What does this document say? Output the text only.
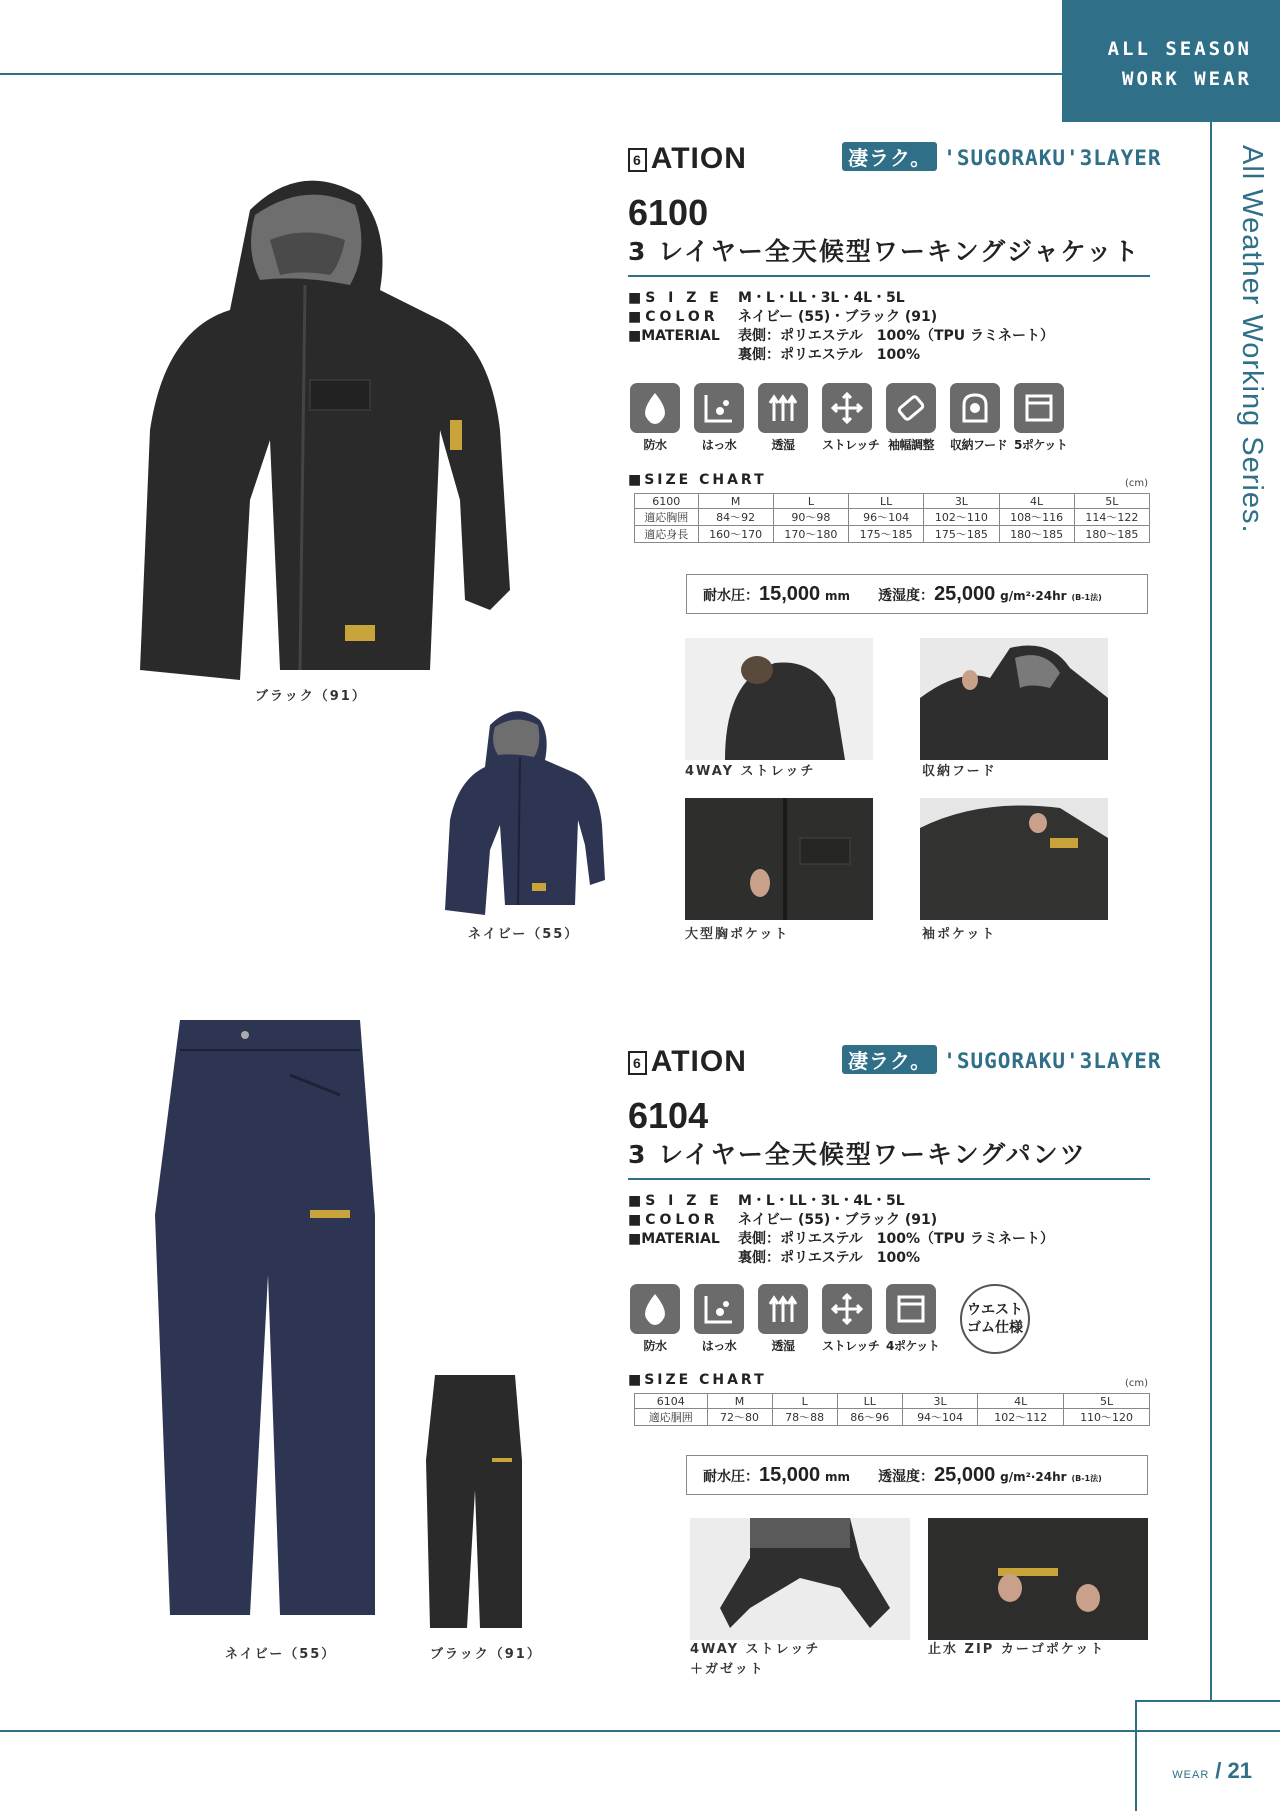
ALL SEASON
WORK WEAR
All Weather Working Series.
WEAR / 21
ブラック（91）
ネイビー（55）
6 ATION	凄ラク。 'SUGORAKU'3LAYER
6100
3 レイヤー全天候型ワーキングジャケット
■S I Z E	M・L・LL・3L・4L・5L
■COLOR	ネイビー (55)・ブラック (91)
■MATERIAL	表側：ポリエステル　100%（TPU ラミネート）
裏側：ポリエステル　100%
防水	はっ水	透湿	ストレッチ 袖幅調整 収納フード 5ポケット
■SIZE CHART	(cm)
6100	M	L	LL	3L	4L	5L
適応胸囲	84～92	90～98	96～104	102～110	108～116	114～122
適応身長	160～170	170～180	175～185	175～185	180～185	180～185
耐水圧：15,000 mm 透湿度：25,000 g/m²·24hr (B-1法)
4WAY ストレッチ	収納フード
大型胸ポケット	袖ポケット
ネイビー（55）	ブラック（91）
6 ATION	凄ラク。 'SUGORAKU'3LAYER
6104
3 レイヤー全天候型ワーキングパンツ
■S I Z E	M・L・LL・3L・4L・5L
■COLOR	ネイビー (55)・ブラック (91)
■MATERIAL	表側：ポリエステル　100%（TPU ラミネート）
裏側：ポリエステル　100%
防水	はっ水	透湿	ストレッチ 4ポケット
ウエスト
ゴム仕様
■SIZE CHART	(cm)
6104	M	L	LL	3L	4L	5L
適応胴囲	72～80	78～88	86～96	94～104	102～112	110～120
耐水圧：15,000 mm 透湿度：25,000 g/m²·24hr (B-1法)
4WAY ストレッチ
＋ガゼット
止水 ZIP カーゴポケット
